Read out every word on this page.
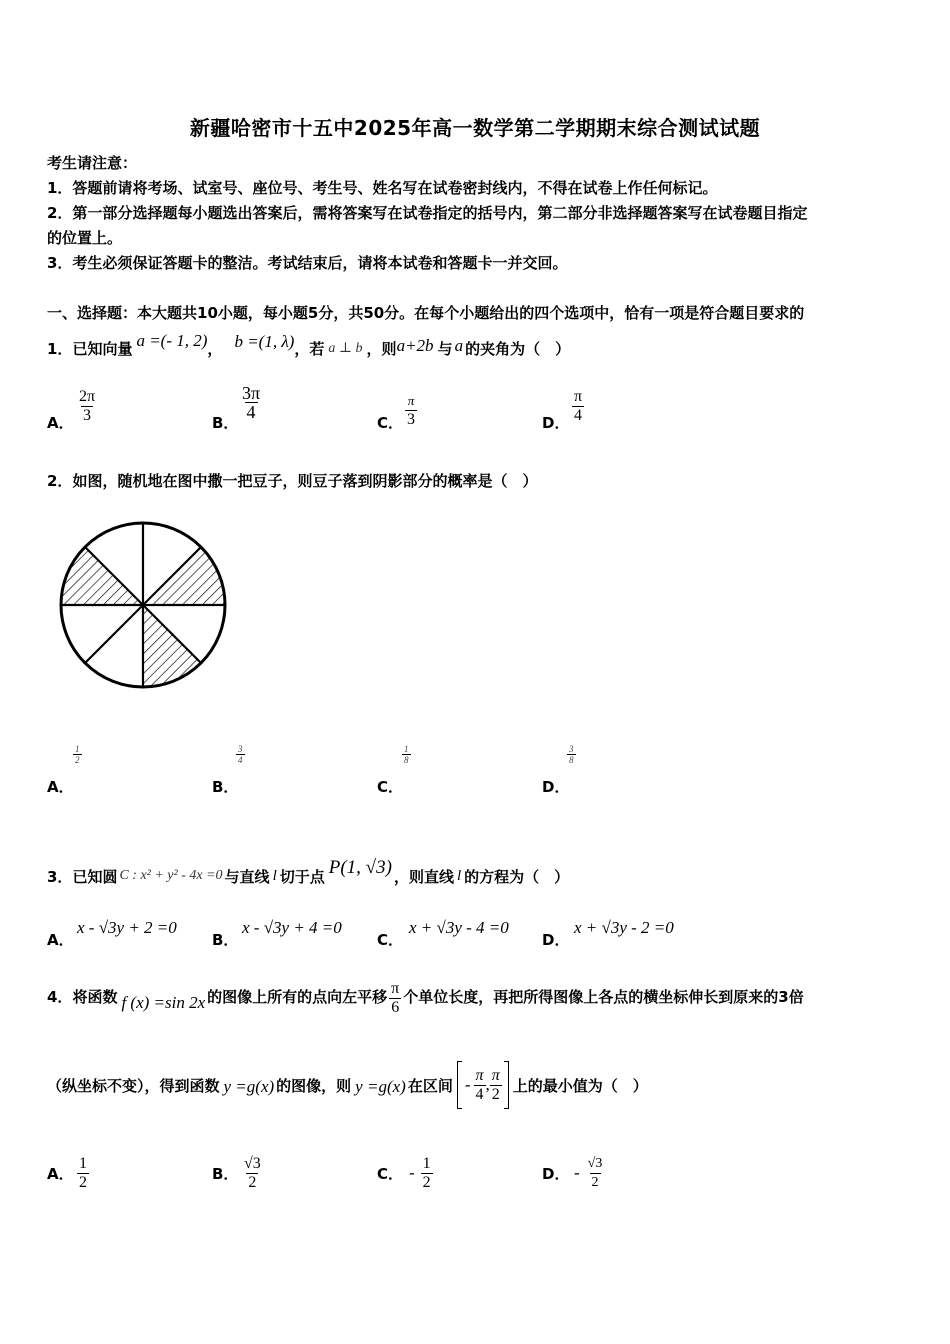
新疆哈密市十五中2025年高一数学第二学期期末综合测试试题
考生请注意：
1．答题前请将考场、试室号、座位号、考生号、姓名写在试卷密封线内，不得在试卷上作任何标记。
2．第一部分选择题每小题选出答案后，需将答案写在试卷指定的括号内，第二部分非选择题答案写在试卷题目指定
的位置上。
3．考生必须保证答题卡的整洁。考试结束后，请将本试卷和答题卡一并交回。
一、选择题：本大题共10小题，每小题5分，共50分。在每个小题给出的四个选项中，恰有一项是符合题目要求的
1． 已知向量 a =(- 1, 2) ， b =(1, λ) ，若 a ⊥ b ，则 a+2b 与 a 的夹角为（　）
A． $\frac{2\pi}{3}$	B．
$\frac{3\pi}{4}$
C．
π
3	D． $\frac{\pi}{4}$
2．如图，随机地在图中撒一把豆子，则豆子落到阴影部分的概率是（　）
A．
$\frac{1}{2}$
B．
$\frac{3}{4}$
C．
$\frac{1}{8}$
D．
$\frac{3}{8}$
3． 已知圆 C : x² + y² - 4x =0 与直线 l 切于点 P(1, √3) ，则直线 l 的方程为（　）
A．
x - √3y + 2 =0
B．
x - √3y + 4 =0
C．
x + √3y - 4 =0
D．
x + √3y - 2 =0
4． 将函数 f (x) =sin 2x 的图像上所有的点向左平移 $\frac{\pi}{6}$ 个单位长度，再把所得图像上各点的横坐标伸长到原来的3倍
（纵坐标不变），得到函数 y =g(x) 的图像，则 y =g(x) 在区间 - $\frac{\pi}{4}$ , $\frac{\pi}{2}$ 上的最小值为（　）
A． $\frac{1}{2}$	B． $\frac{√3}{2}$	C． - $\frac{1}{2}$	D． - $\frac{√3}{2}$
